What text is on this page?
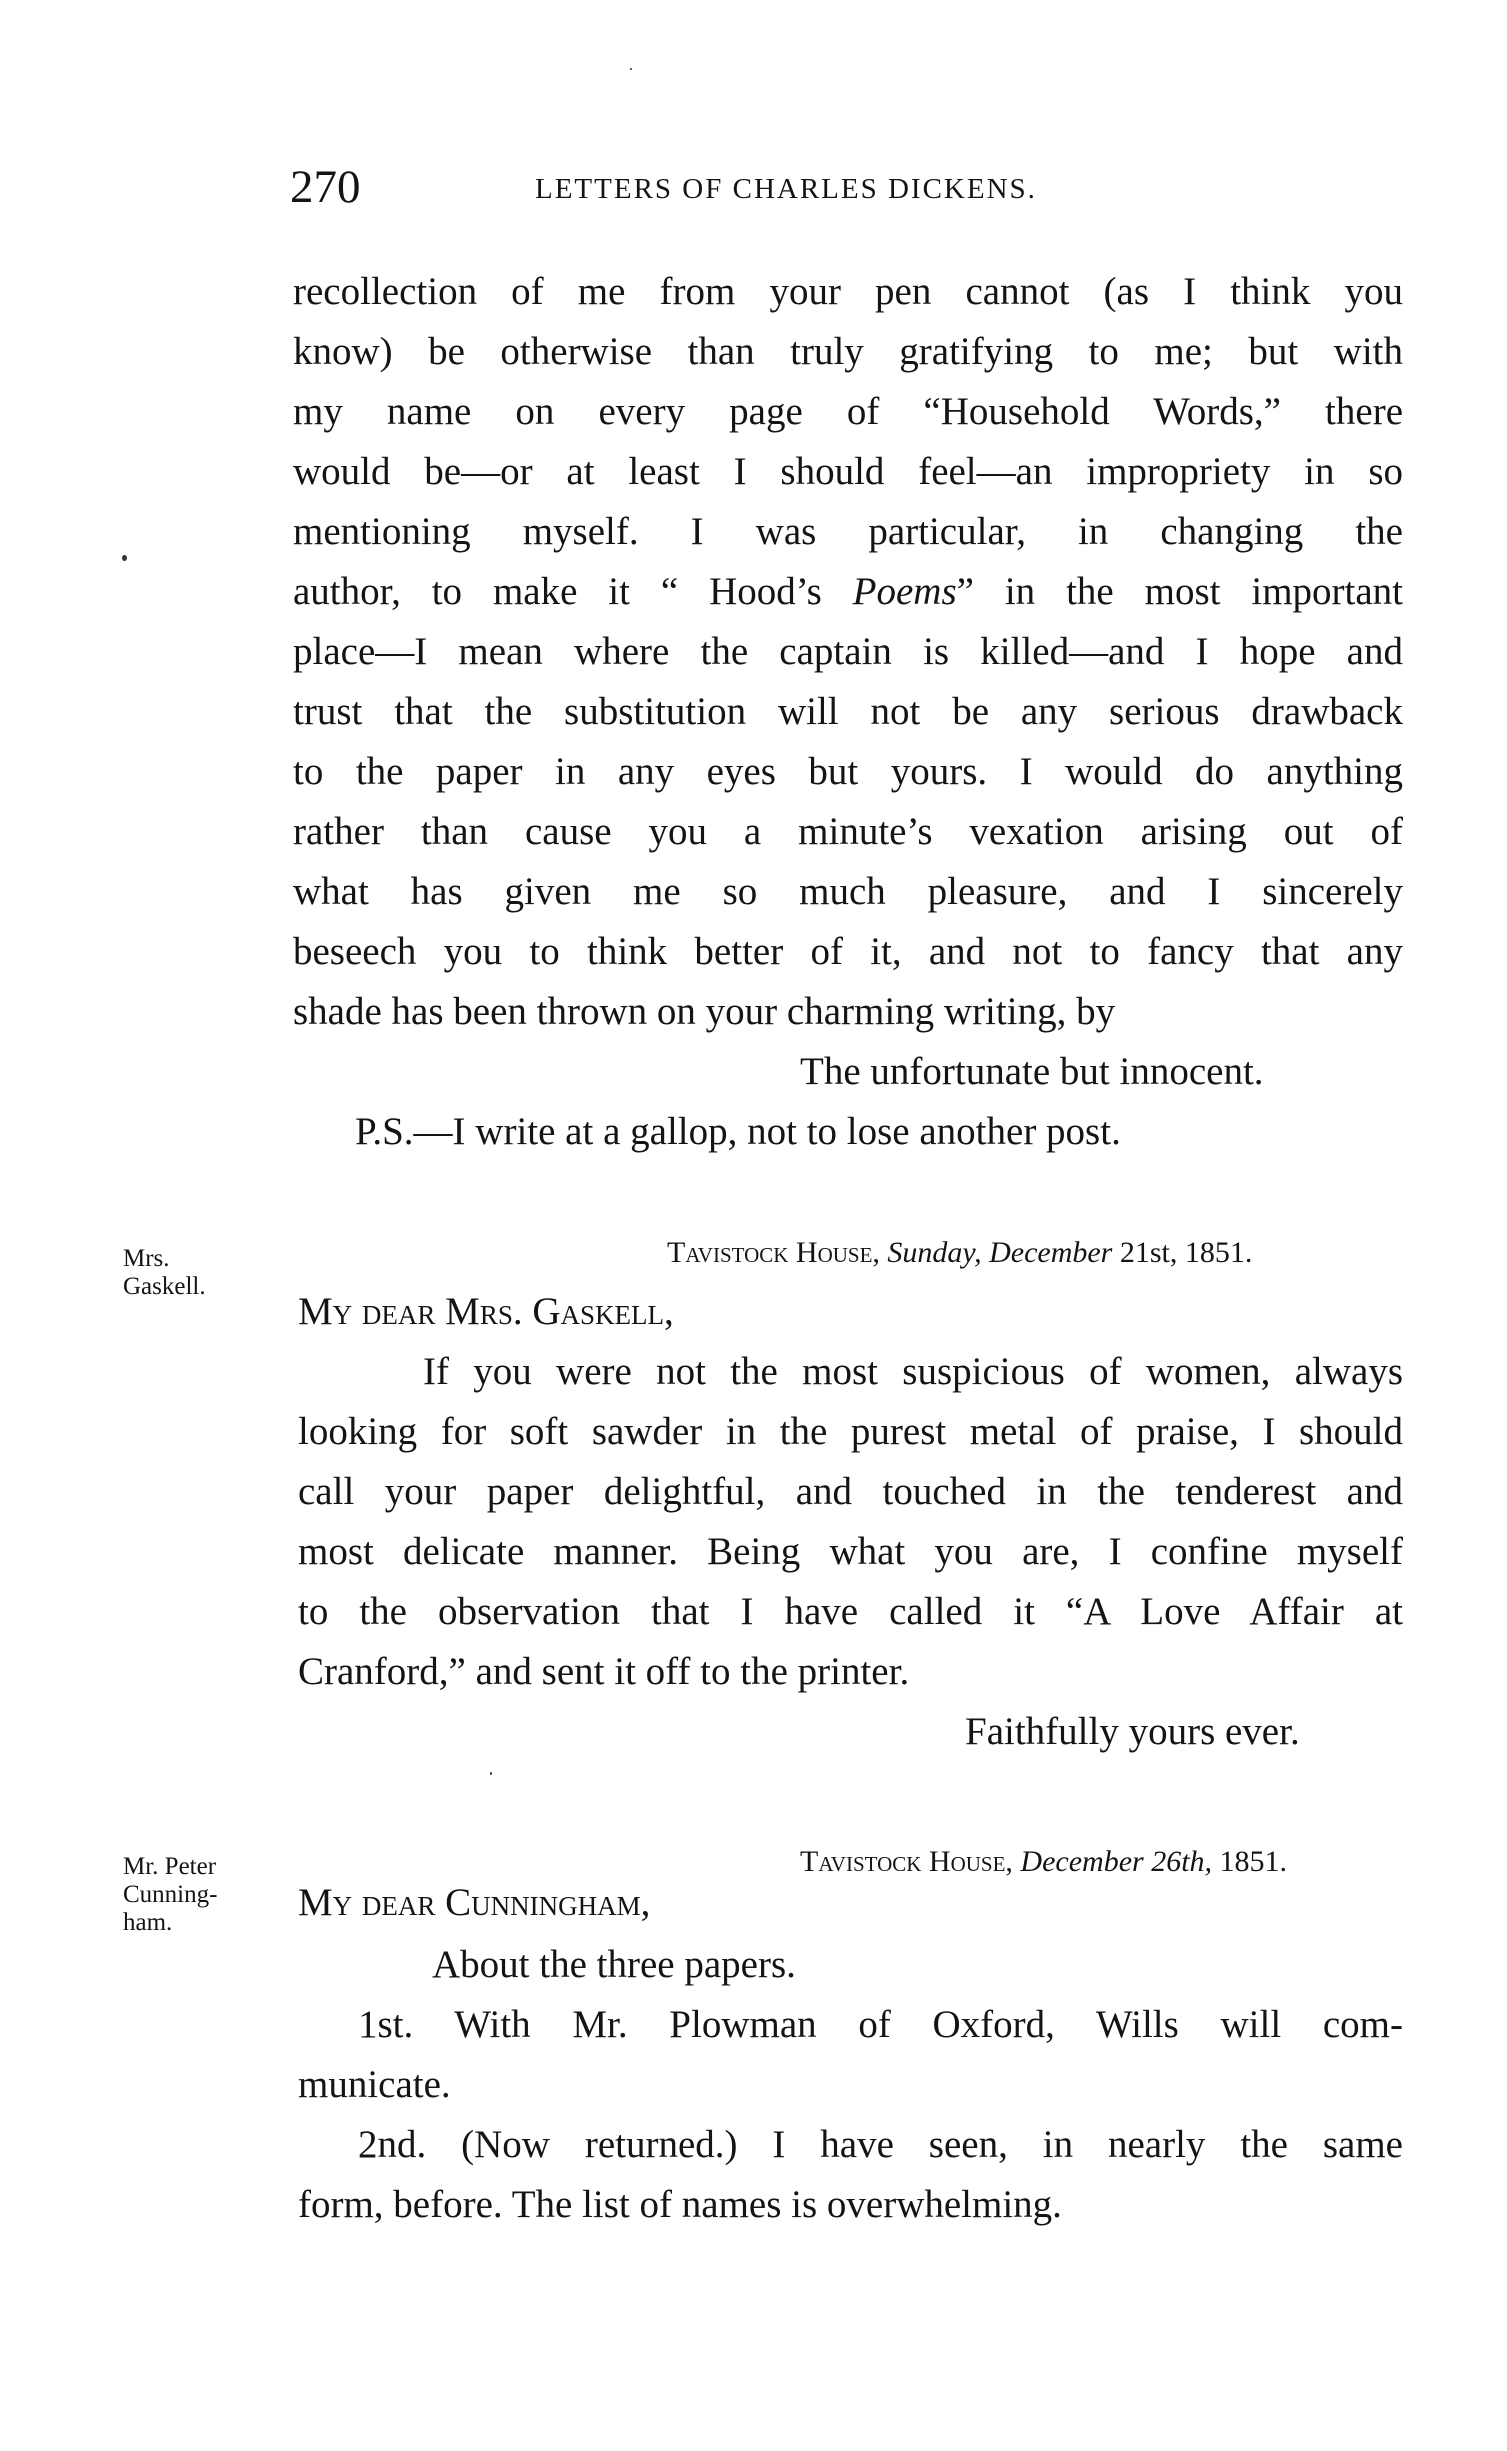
270	LETTERS OF CHARLES DICKENS.
recollection of me from your pen cannot (as I think you
know) be otherwise than truly gratifying to me; but with
my name on every page of “Household Words,” there
would be—or at least I should feel—an impropriety in so
mentioning myself. I was particular, in changing the
author, to make it “ Hood’s Poems” in the most important
place—I mean where the captain is killed—and I hope and
trust that the substitution will not be any serious drawback
to the paper in any eyes but yours. I would do anything
rather than cause you a minute’s vexation arising out of
what has given me so much pleasure, and I sincerely
beseech you to think better of it, and not to fancy that any
shade has been thrown on your charming writing, by
The unfortunate but innocent.
P.S.—I write at a gallop, not to lose another post.
Mrs.
Gaskell.
Tavistock House, Sunday, December 21st, 1851.
My dear Mrs. Gaskell,
If you were not the most suspicious of women, always
looking for soft sawder in the purest metal of praise, I should
call your paper delightful, and touched in the tenderest and
most delicate manner. Being what you are, I confine myself
to the observation that I have called it “A Love Affair at
Cranford,” and sent it off to the printer.
Faithfully yours ever.
Mr. Peter
Cunning-
ham.
Tavistock House, December 26th, 1851.
My dear Cunningham,
About the three papers.
1st. With Mr. Plowman of Oxford, Wills will com-
municate.
2nd. (Now returned.) I have seen, in nearly the same
form, before. The list of names is overwhelming.
